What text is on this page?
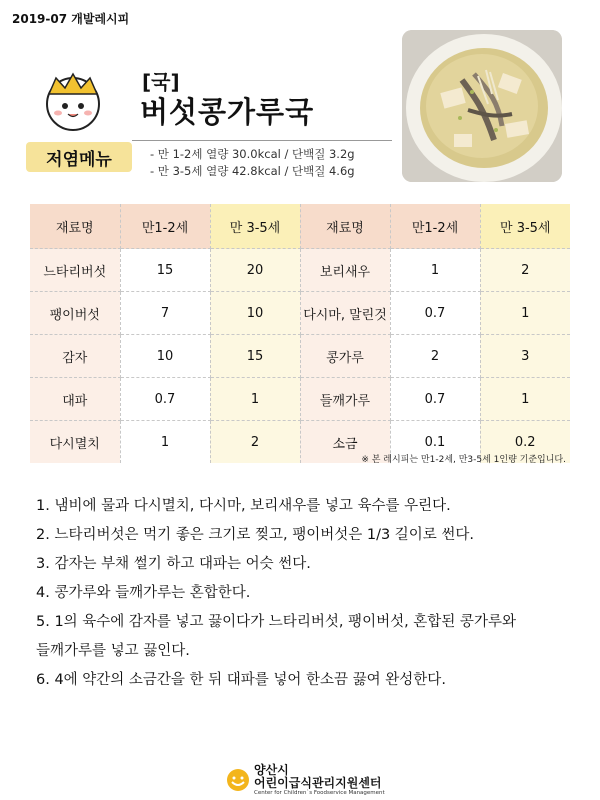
2019-07 개발레시피
[국]
버섯콩가루국
저염메뉴	- 만 1-2세 열량 30.0kcal / 단백질 3.2g
- 만 3-5세 열량 42.8kcal / 단백질 4.6g
재료명	만1-2세	만 3-5세	재료명	만1-2세	만 3-5세
느타리버섯	15	20	보리새우	1	2
팽이버섯	7	10	다시마, 말린것	0.7	1
감자	10	15	콩가루	2	3
대파	0.7	1	들깨가루	0.7	1
다시멸치	1	2	소금	0.1	0.2
※ 본 레시피는 만1-2세, 만3-5세 1인량 기준입니다.
1. 냄비에 물과 다시멸치, 다시마, 보리새우를 넣고 육수를 우린다.
2. 느타리버섯은 먹기 좋은 크기로 찢고, 팽이버섯은 1/3 길이로 썬다.
3. 감자는 부채 썰기 하고 대파는 어슷 썬다.
4. 콩가루와 들깨가루는 혼합한다.
5. 1의 육수에 감자를 넣고 끓이다가 느타리버섯, 팽이버섯, 혼합된 콩가루와
들깨가루를 넣고 끓인다.
6. 4에 약간의 소금간을 한 뒤 대파를 넣어 한소끔 끓여 완성한다.
양산시
어린이급식관리지원센터
Center for Children`s Foodservice Management
